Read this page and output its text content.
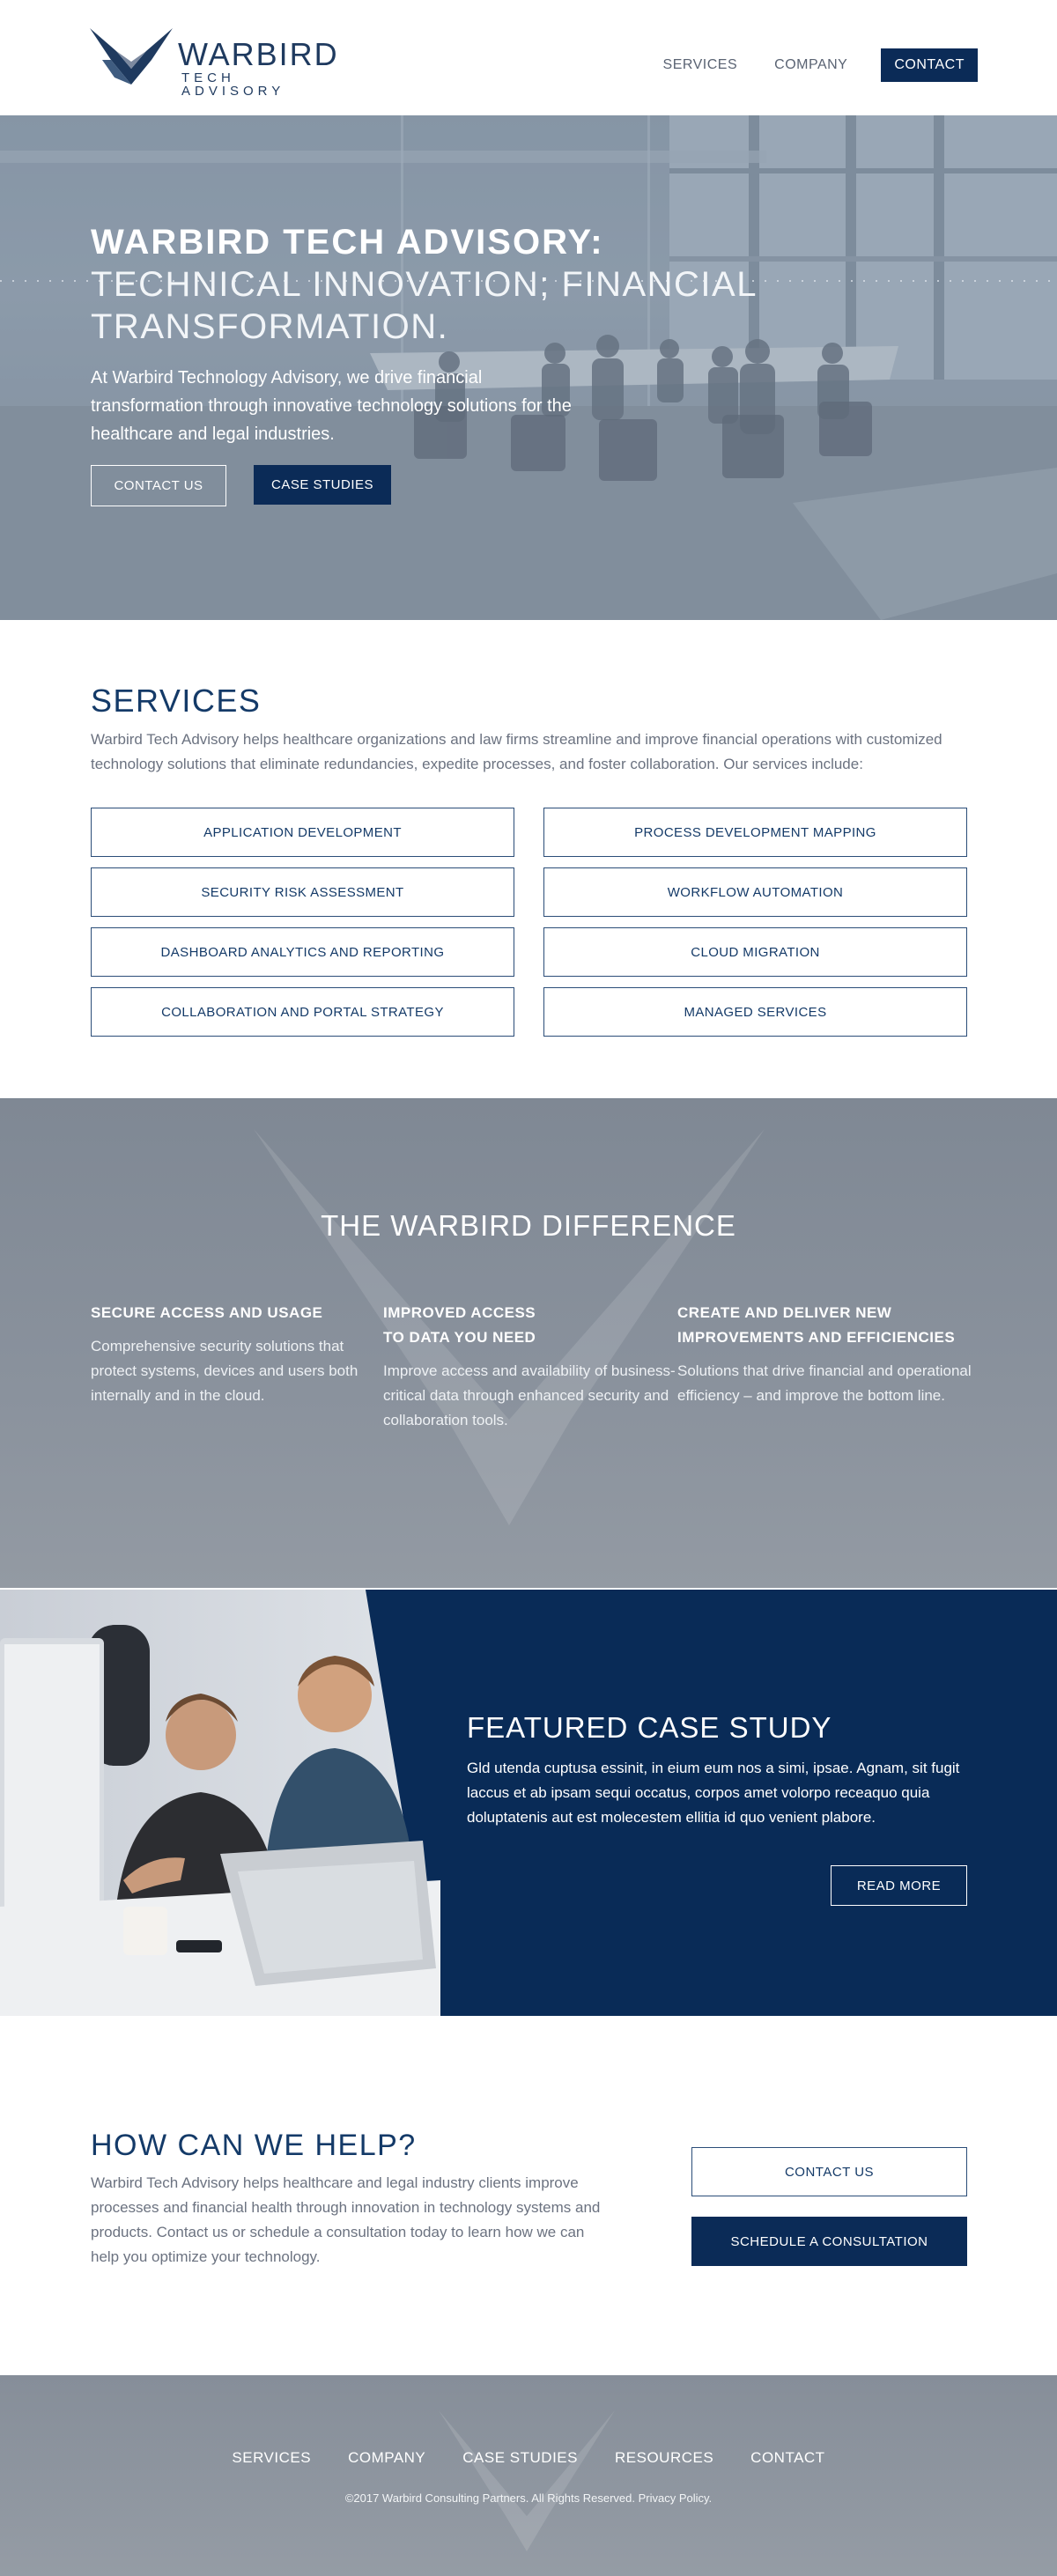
WARBIRD
TECH ADVISORY
SERVICES	COMPANY	CONTACT
WARBIRD TECH ADVISORY:
TECHNICAL INNOVATION; FINANCIAL TRANSFORMATION.

At Warbird Technology Advisory, we drive financial transformation through innovative technology solutions for the healthcare and legal industries.

CONTACT US	CASE STUDIES
SERVICES

Warbird Tech Advisory helps healthcare organizations and law firms streamline and improve financial operations with customized technology solutions that eliminate redundancies, expedite processes, and foster collaboration. Our services include:

APPLICATION DEVELOPMENT	PROCESS DEVELOPMENT MAPPING
SECURITY RISK ASSESSMENT	WORKFLOW AUTOMATION
DASHBOARD ANALYTICS AND REPORTING	CLOUD MIGRATION
COLLABORATION AND PORTAL STRATEGY	MANAGED SERVICES
THE WARBIRD DIFFERENCE
SECURE ACCESS AND USAGE

Comprehensive security solutions that protect systems, devices and users both internally and in the cloud.

IMPROVED ACCESS TO DATA YOU NEED

Improve access and availability of business-critical data through enhanced security and collaboration tools.

CREATE AND DELIVER NEW IMPROVEMENTS AND EFFICIENCIES

Solutions that drive financial and operational efficiency – and improve the bottom line.

FEATURED CASE STUDY

Gld utenda cuptusa essinit, in eium eum nos a simi, ipsae. Agnam, sit fugit laccus et ab ipsam sequi occatus, corpos amet volorpo receaquo quia doluptatenis aut est molecestem ellitia id quo venient plabore.

READ MORE
HOW CAN WE HELP?

Warbird Tech Advisory helps healthcare and legal industry clients improve processes and financial health through innovation in technology systems and products. Contact us or schedule a consultation today to learn how we can help you optimize your technology.

CONTACT US
SCHEDULE A CONSULTATION
SERVICES COMPANY CASE STUDIES RESOURCES CONTACT

©2017 Warbird Consulting Partners. All Rights Reserved. Privacy Policy.
